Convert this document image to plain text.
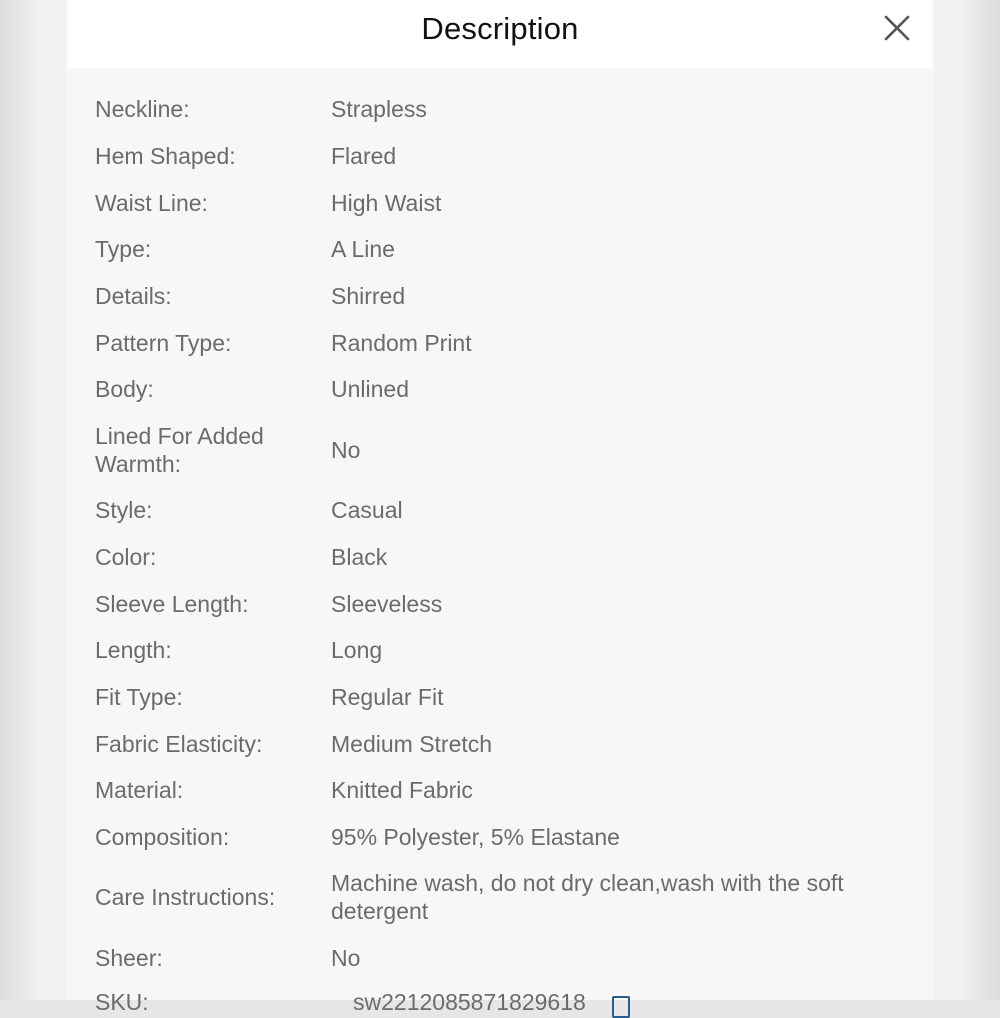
Description
Neckline:	Strapless
Hem Shaped:	Flared
Waist Line:	High Waist
Type:	A Line
Details:	Shirred
Pattern Type:	Random Print
Body:	Unlined
Lined For Added Warmth:
No
Style:	Casual
Color:	Black
Sleeve Length:	Sleeveless
Length:	Long
Fit Type:	Regular Fit
Fabric Elasticity:	Medium Stretch
Material:	Knitted Fabric
Composition:	95% Polyester, 5% Elastane
Care Instructions:
Machine wash, do not dry clean,wash with the soft detergent
Sheer:	No
SKU:	sw2212085871829618
